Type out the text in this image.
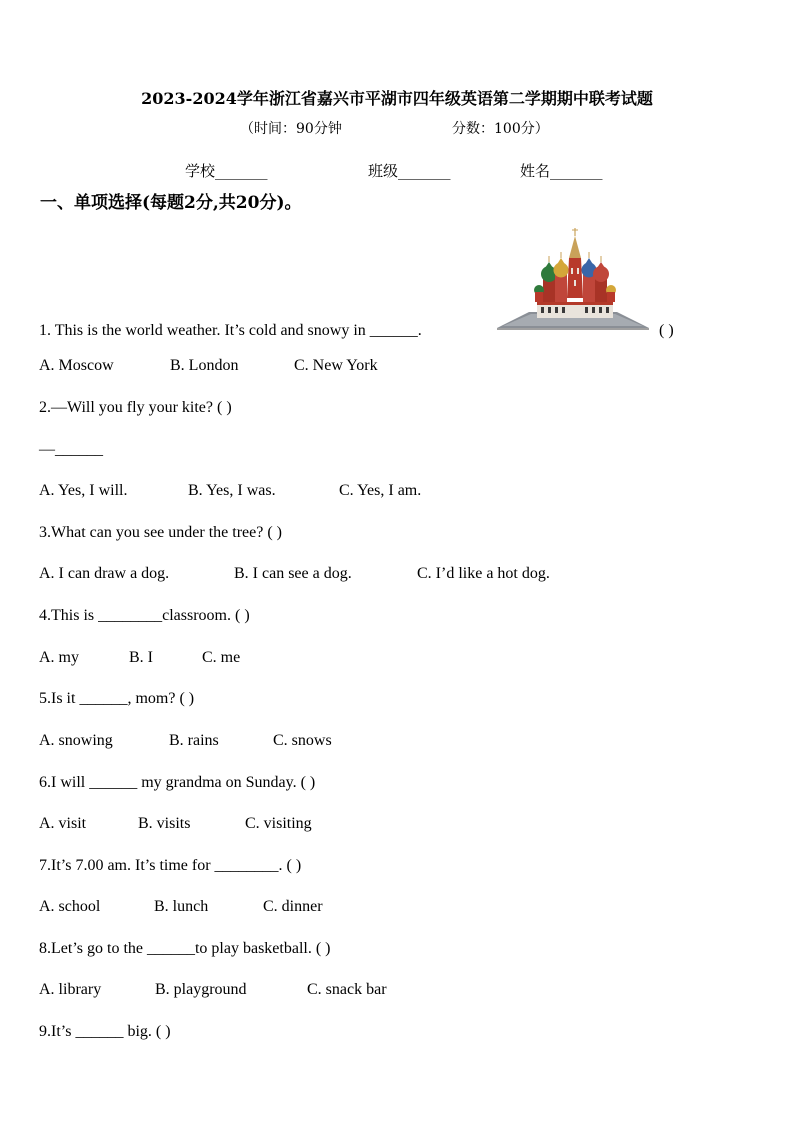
2023-2024学年浙江省嘉兴市平湖市四年级英语第二学期期中联考试题
（时间：90分钟	分数：100分）
学校_______	班级_______	姓名_______
一、单项选择(每题2分,共20分)。
1. This is the world weather. It’s cold and snowy in ______.	( )
A. Moscow	B. London	C. New York
2.—Will you fly your kite? ( )
—______
A. Yes, I will.	B. Yes, I was.	C. Yes, I am.
3.What can you see under the tree? ( )
A. I can draw a dog.	B. I can see a dog.	C. I’d like a hot dog.
4.This is ________classroom. ( )
A. my	B. I	C. me
5.Is it ______, mom? ( )
A. snowing	B. rains	C. snows
6.I will ______ my grandma on Sunday. ( )
A. visit	B. visits	C. visiting
7.It’s 7.00 am. It’s time for ________. ( )
A. school	B. lunch	C. dinner
8.Let’s go to the ______to play basketball. ( )
A. library	B. playground	C. snack bar
9.It’s ______ big. ( )
